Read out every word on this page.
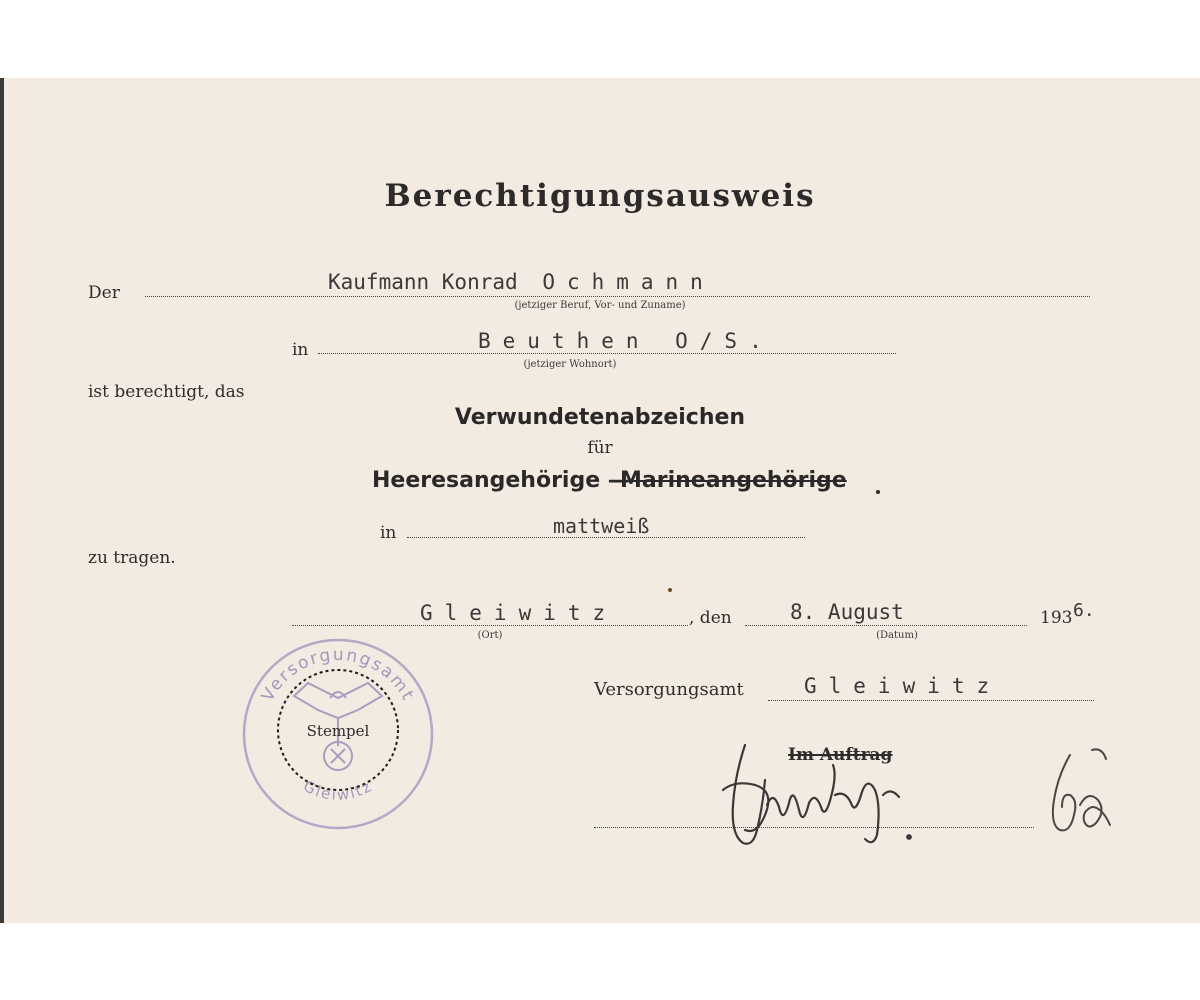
Berechtigungsausweis
Der	Kaufmann Konrad Ochmann
(jetziger Beruf, Vor- und Zuname)
in	Beuthen O/S.
(jetziger Wohnort)
ist berechtigt, das
Verwundetenabzeichen
für
Heeresangehörige —
Marineangehörige
in	mattweiß
zu tragen.
Gleiwitz
(Ort)
, den	8. August
(Datum)
193 6.
Versorgungsamt	Gleiwitz
Versorgungsamt
Gleiwitz
Stempel
Im Auftrag
